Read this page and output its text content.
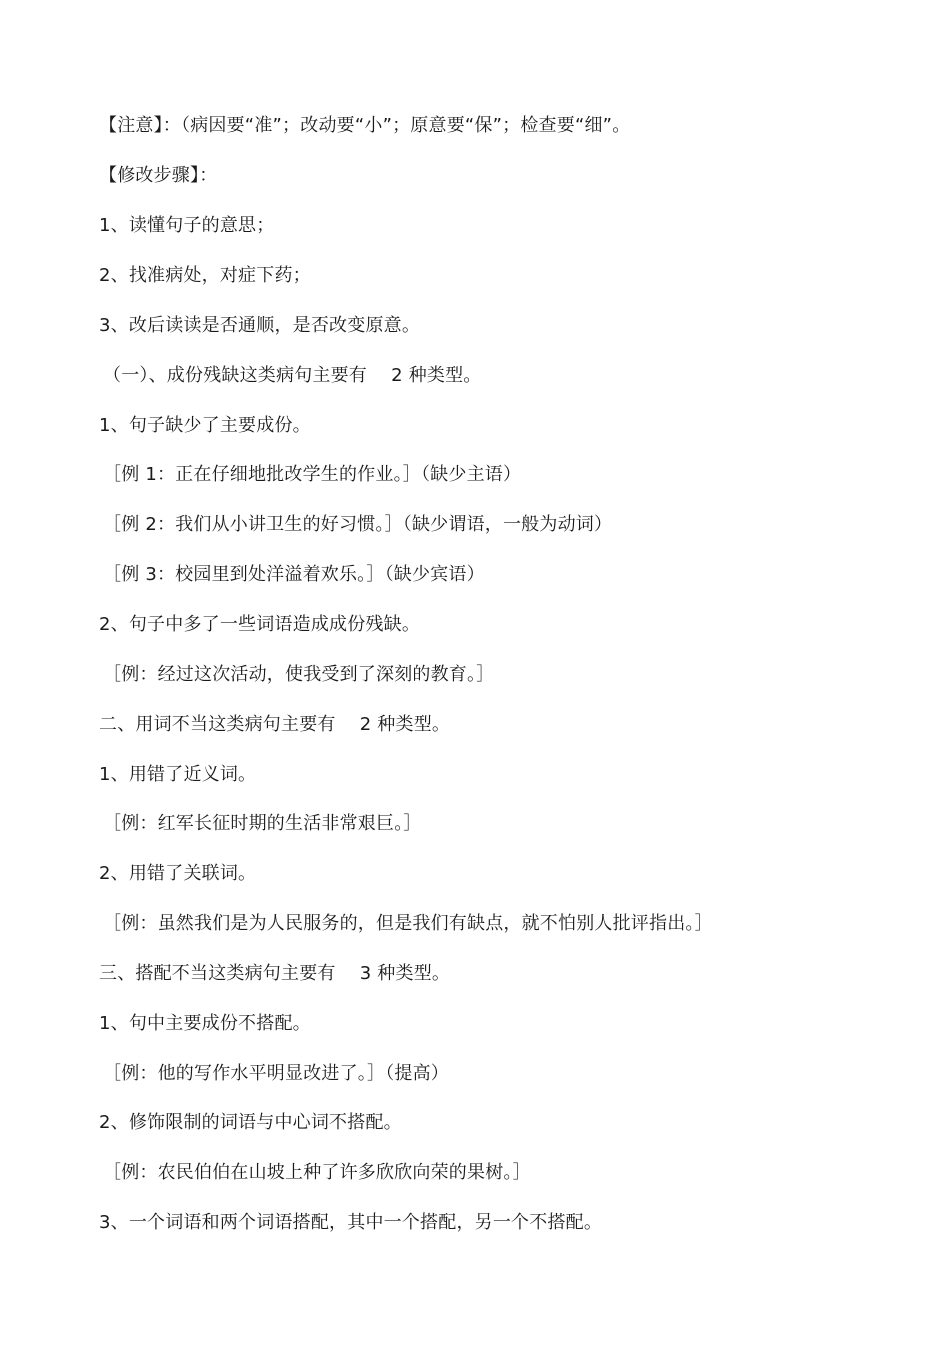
【注意】：（病因要“准”；改动要“小”；原意要“保”；检查要“细”。
【修改步骤】：
1、读懂句子的意思；
2、找准病处，对症下药；
3、改后读读是否通顺，是否改变原意。
（一）、成份残缺这类病句主要有　 2 种类型。
1、句子缺少了主要成份。
［例 1：正在仔细地批改学生的作业。］（缺少主语）
［例 2：我们从小讲卫生的好习惯。］（缺少谓语，一般为动词）
［例 3：校园里到处洋溢着欢乐。］（缺少宾语）
2、句子中多了一些词语造成成份残缺。
［例：经过这次活动，使我受到了深刻的教育。］
二、用词不当这类病句主要有　 2 种类型。
1、用错了近义词。
［例：红军长征时期的生活非常艰巨。］
2、用错了关联词。
［例：虽然我们是为人民服务的，但是我们有缺点，就不怕别人批评指出。］
三、搭配不当这类病句主要有　 3 种类型。
1、句中主要成份不搭配。
［例：他的写作水平明显改进了。］（提高）
2、修饰限制的词语与中心词不搭配。
［例：农民伯伯在山坡上种了许多欣欣向荣的果树。］
3、一个词语和两个词语搭配，其中一个搭配，另一个不搭配。
